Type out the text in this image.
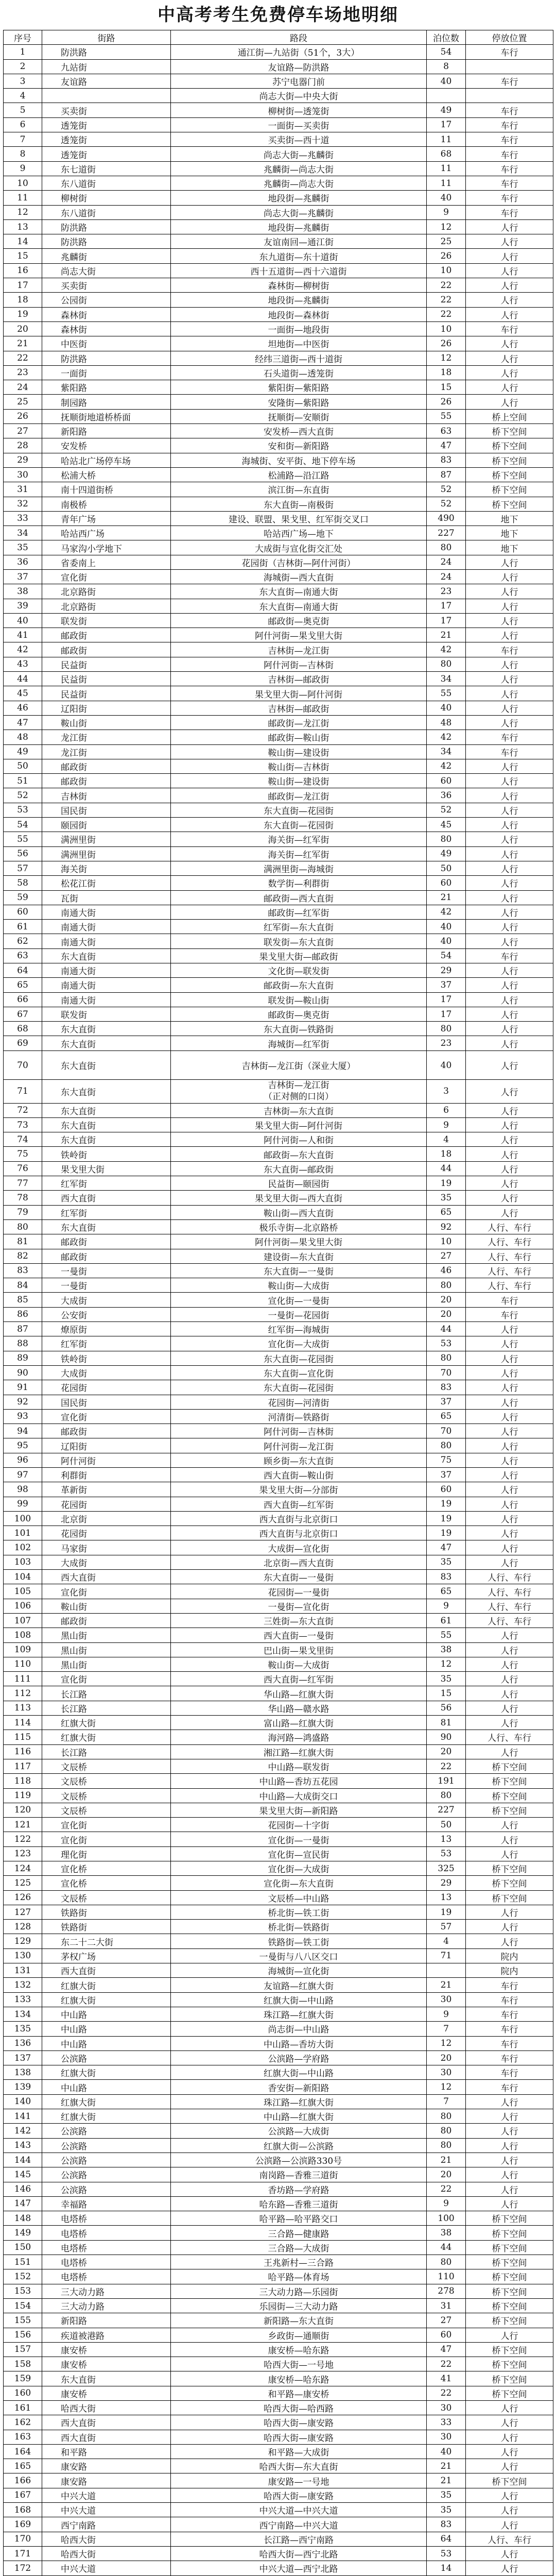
中高考考生免费停车场地明细
序号	街路	路段	泊位数	停放位置
1	防洪路	通江街—九站街（51个，3大）	54	车行
2	九站街	友谊路—防洪路	8	
3	友谊路	苏宁电器门前	40	车行
4		尚志大街—中央大街		
5	买卖街	柳树街—透笼街	49	车行
6	透笼街	一面街—买卖街	17	车行
7	透笼街	买卖街—西十道	11	车行
8	透笼街	尚志大街—兆麟街	68	车行
9	东七道街	兆麟街—尚志大街	11	车行
10	东八道街	兆麟街—尚志大街	11	车行
11	柳树街	地段街—兆麟街	40	车行
12	东八道街	尚志大街—兆麟街	9	车行
13	防洪路	地段街—兆麟街	12	人行
14	防洪路	友谊南回—通江街	25	人行
15	兆麟街	东九道街—东十道街	26	人行
16	尚志大街	西十五道街—西十六道街	10	人行
17	买卖街	森林街—柳树街	22	人行
18	公园街	地段街—兆麟街	22	人行
19	森林街	地段街—森林街	22	人行
20	森林街	一面街—地段街	10	车行
21	中医街	坦地街—中医街	26	人行
22	防洪路	经纬三道街—西十道街	12	人行
23	一面街	石头道街—透笼街	18	人行
24	紫阳路	紫阳街—紫阳路	15	人行
25	制园路	安隆街—紫阳路	26	人行
26	抚顺街地道桥桥面	抚顺街—安顺街	55	桥上空间
27	新阳路	安发桥—西大直街	63	桥下空间
28	安发桥	安和街—新阳路	47	桥下空间
29	哈站北广场停车场	海城街、安平街、地下停车场	83	桥下空间
30	松浦大桥	松浦路—沿江路	87	桥下空间
31	南十四道街桥	滨江街—东直街	52	桥下空间
32	南极桥	东大直街—南极街	52	桥下空间
33	青年广场	建设、联盟、果戈里、红军街交叉口	490	地下
34	哈站西广场	哈站西广场—地下	227	地下
35	马家沟小学地下	大成街与宣化街交汇处	80	地下
36	省委南上	花园街（吉林街—阿什河街）	24	人行
37	宣化街	海城街—西大直街	24	人行
38	北京路街	东大直街—南通大街	23	人行
39	北京路街	东大直街—南通大街	17	人行
40	联发街	邮政街—奥克街	17	人行
41	邮政街	阿什河街—果戈里大街	21	人行
42	邮政街	吉林街—龙江街	42	车行
43	民益街	阿什河街—吉林街	80	人行
44	民益街	吉林街—邮政街	34	人行
45	民益街	果戈里大街—阿什河街	55	人行
46	辽阳街	吉林街—邮政街	40	人行
47	鞍山街	邮政街—龙江街	48	人行
48	龙江街	邮政街—鞍山街	42	车行
49	龙江街	鞍山街—建设街	34	车行
50	邮政街	鞍山街—吉林街	42	人行
51	邮政街	鞍山街—建设街	60	人行
52	吉林街	邮政街—龙江街	36	人行
53	国民街	东大直街—花园街	52	人行
54	颐园街	东大直街—花园街	45	人行
55	满洲里街	海关街—红军街	80	人行
56	满洲里街	海关街—红军街	49	人行
57	海关街	满洲里街—海城街	50	人行
58	松花江街	数学街—利群街	60	人行
59	瓦街	邮政街—西大直街	21	人行
60	南通大街	邮政街—红军街	42	人行
61	南通大街	红军街—东大直街	40	人行
62	南通大街	联发街—东大直街	40	人行
63	东大直街	果戈里大街—邮政街	54	车行
64	南通大街	文化街—联发街	29	人行
65	南通大街	邮政街—东大直街	37	人行
66	南通大街	联发街—鞍山街	17	人行
67	联发街	邮政街—奥克街	17	人行
68	东大直街	东大直街—铁路街	80	人行
69	东大直街	海城街—红军街	23	人行
70	东大直街	吉林街—龙江街（深业大厦）	40	人行
71	东大直街	吉林街—龙江街
（正对侧的口岗）	3	人行
72	东大直街	吉林街—东大直街	6	人行
73	东大直街	果戈里大街—阿什河街	9	人行
74	东大直街	阿什河街—人和街	4	人行
75	铁岭街	邮政街—东大直街	18	人行
76	果戈里大街	东大直街—邮政街	44	人行
77	红军街	民益街—颐园街	19	人行
78	西大直街	果戈里大街—西大直街	35	人行
79	红军街	鞍山街—西大直街	65	人行
80	东大直街	极乐寺街—北京路桥	92	人行、车行
81	邮政街	阿什河街—果戈里大街	10	人行、车行
82	邮政街	建设街—东大直街	27	人行、车行
83	一曼街	东大直街—一曼街	46	人行、车行
84	一曼街	鞍山街—大成街	80	人行、车行
85	大成街	宣化街—一曼街	20	车行
86	公安街	一曼街—花园街	20	车行
87	燎原街	红军街—海城街	44	人行
88	红军街	宣化街—大成街	53	人行
89	铁岭街	东大直街—花园街	80	人行
90	大成街	东大直街—宣化街	70	人行
91	花园街	东大直街—花园街	83	人行
92	国民街	花园街—河清街	37	人行
93	宣化街	河清街—铁路街	65	人行
94	邮政街	阿什河街—吉林街	70	人行
95	辽阳街	阿什河街—龙江街	80	人行
96	阿什河街	顾乡街—东大直街	75	人行
97	利群街	西大直街—鞍山街	37	人行
98	革新街	果戈里大街—分部街	60	人行
99	花园街	西大直街—红军街	19	人行
100	北京街	西大直街与北京街口	19	人行
101	花园街	西大直街与北京街口	19	人行
102	马家街	大成街—宣化街	47	人行
103	大成街	北京街—西大直街	35	人行
104	西大直街	东大直街—一曼街	83	人行、车行
105	宣化街	花园街—一曼街	65	人行、车行
106	鞍山街	一曼街—宣化街	9	人行、车行
107	邮政街	三姓街—东大直街	61	人行、车行
108	黑山街	西大直街—一曼街	55	人行
109	黑山街	巴山街—果戈里街	38	人行
110	黑山街	鞍山街—大成街	12	人行
111	宣化街	西大直街—红军街	35	人行
112	长江路	华山路—红旗大街	15	人行
113	长江路	华山路—赣水路	56	人行
114	红旗大街	富山路—红旗大街	81	人行
115	红旗大街	海河路—鸿盛路	90	人行、车行
116	长江路	湘江路—红旗大街	20	人行
117	文辰桥	中山路—联发街	22	桥下空间
118	文辰桥	中山路—香坊五花园	191	桥下空间
119	文辰桥	中山路—大成街交口	80	桥下空间
120	文辰桥	果戈里大街—新阳路	227	桥下空间
121	宣化街	花园街—十字街	50	人行
122	宣化街	宣化街—一曼街	13	人行
123	理化街	宣化街—宣民街	53	人行
124	宣化桥	宣化街—大成街	325	桥下空间
125	宣化桥	宣化街—东大直街	29	桥下空间
126	文辰桥	文辰桥—中山路	13	桥下空间
127	铁路街	桥北街—铁工街	19	人行
128	铁路街	桥北街—铁路街	57	人行
129	东二十二大街	铁路街—铁工街	4	人行
130	茅权广场	一曼街与八八区交口	71	院内
131	西大直街	海城街—宣化街		院内
132	红旗大街	友谊路—红旗大街	21	车行
133	红旗大街	红旗大街—中山路	30	车行
134	中山路	珠江路—红旗大街	9	车行
135	中山路	尚志街—中山路	7	车行
136	中山路	中山路—香坊大街	12	车行
137	公滨路	公滨路—学府路	20	车行
138	红旗大街	红旗大街—中山路	30	车行
139	中山路	香安街—新阳路	12	车行
140	红旗大街	珠江路—红旗大街	7	人行
141	红旗大街	中山路—红旗大街	80	人行
142	公滨路	公滨路—大成街	80	人行
143	公滨路	红旗大街—公滨路	80	人行
144	公滨路	公滨路—公滨路330号	21	人行
145	公滨路	南岗路—香雅三道街	20	人行
146	公滨路	香坊路—学府路	22	人行
147	幸福路	哈东路—香雅三道街	9	人行
148	电塔桥	哈平路—哈平路交口	100	桥下空间
149	电塔桥	三合路—健康路	38	桥下空间
150	电塔桥	三合路—大成街	44	桥下空间
151	电塔桥	王兆新村—三合路	80	桥下空间
152	电塔桥	哈平路—体育场	110	桥下空间
153	三大动力路	三大动力路—乐园街	278	桥下空间
154	三大动力路	乐园街—三大动力路	31	桥下空间
155	新阳路	新阳路—东大直街	27	桥下空间
156	疾道被港路	乡政街—通顺街	60	人行
157	康安桥	康安桥—哈东路	47	桥下空间
158	康安桥	哈西大街—一号地	22	桥下空间
159	东大直街	康安桥—哈东路	41	桥下空间
160	康安桥	和平路—康安桥	22	桥下空间
161	哈西大街	哈西大街—哈西路	30	人行
162	西大直街	哈西大街—康安路	33	人行
163	西大直街	哈西大街—康安路	30	人行
164	和平路	和平路—大成街	40	人行
165	康安路	哈西大街—东大直街	21	人行
166	康安路	康安路—一号地	21	桥下空间
167	中兴大道	哈西大街—康安路	35	人行
168	中兴大道	中兴大道—中兴大道	35	人行
169	西宁南路	西宁南路—中兴大道	83	人行
170	哈西大街	长江路—西宁南路	64	人行、车行
171	哈西大街	哈西大街—西宁北路	53	人行
172	中兴大道	中兴大道—西宁北路	14	人行
